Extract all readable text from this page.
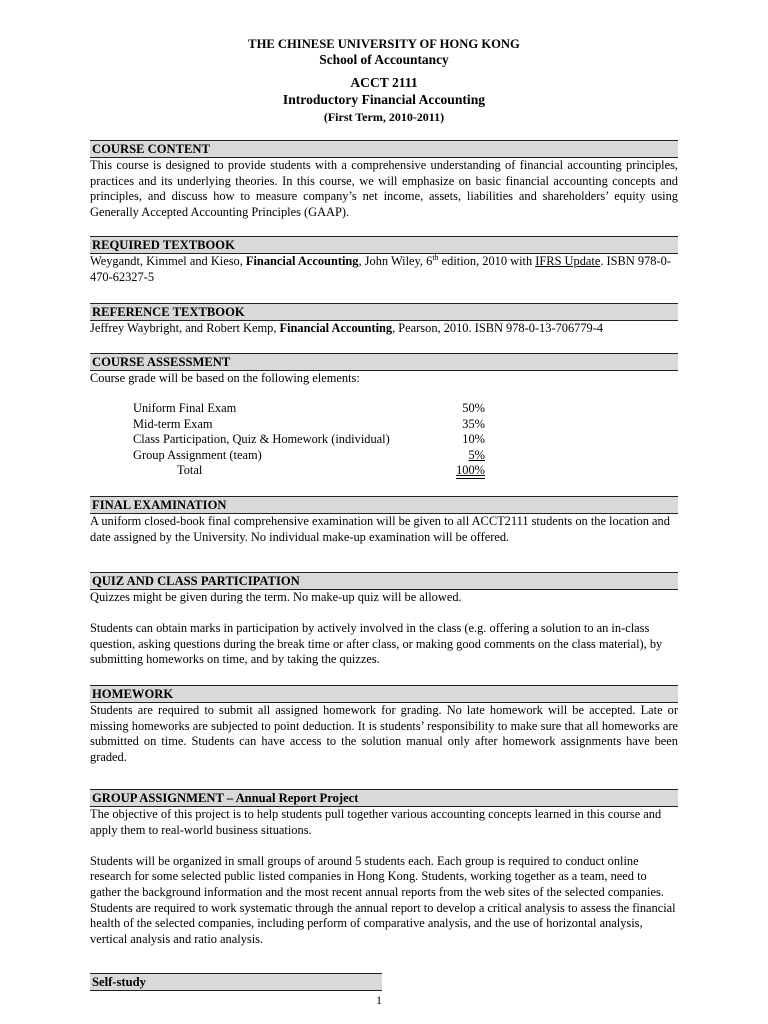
THE CHINESE UNIVERSITY OF HONG KONG
School of Accountancy
ACCT 2111
Introductory Financial Accounting
(First Term, 2010-2011)
COURSE CONTENT

This course is designed to provide students with a comprehensive understanding of financial accounting principles, practices and its underlying theories. In this course, we will emphasize on basic financial accounting concepts and principles, and discuss how to measure company’s net income, assets, liabilities and shareholders’ equity using Generally Accepted Accounting Principles (GAAP).

REQUIRED TEXTBOOK

Weygandt, Kimmel and Kieso, Financial Accounting, John Wiley, 6th edition, 2010 with IFRS Update. ISBN 978-0-470-62327-5

REFERENCE TEXTBOOK

Jeffrey Waybright, and Robert Kemp, Financial Accounting, Pearson, 2010. ISBN 978-0-13-706779-4

COURSE ASSESSMENT

Course grade will be based on the following elements:

Uniform Final Exam	50%
Mid-term Exam	35%
Class Participation, Quiz & Homework (individual)	10%
Group Assignment (team)	5%
Total	100%
FINAL EXAMINATION

A uniform closed-book final comprehensive examination will be given to all ACCT2111 students on the location and date assigned by the University. No individual make-up examination will be offered.

QUIZ AND CLASS PARTICIPATION

Quizzes might be given during the term. No make-up quiz will be allowed.

Students can obtain marks in participation by actively involved in the class (e.g. offering a solution to an in-class question, asking questions during the break time or after class, or making good comments on the class material), by submitting homeworks on time, and by taking the quizzes.

HOMEWORK

Students are required to submit all assigned homework for grading. No late homework will be accepted. Late or missing homeworks are subjected to point deduction. It is students’ responsibility to make sure that all homeworks are submitted on time. Students can have access to the solution manual only after homework assignments have been graded.

GROUP ASSIGNMENT – Annual Report Project

The objective of this project is to help students pull together various accounting concepts learned in this course and apply them to real-world business situations.

Students will be organized in small groups of around 5 students each. Each group is required to conduct online research for some selected public listed companies in Hong Kong. Students, working together as a team, need to gather the background information and the most recent annual reports from the web sites of the selected companies. Students are required to work systematic through the annual report to develop a critical analysis to assess the financial health of the selected companies, including perform of comparative analysis, and the use of horizontal analysis, vertical analysis and ratio analysis.

Self-study
1
